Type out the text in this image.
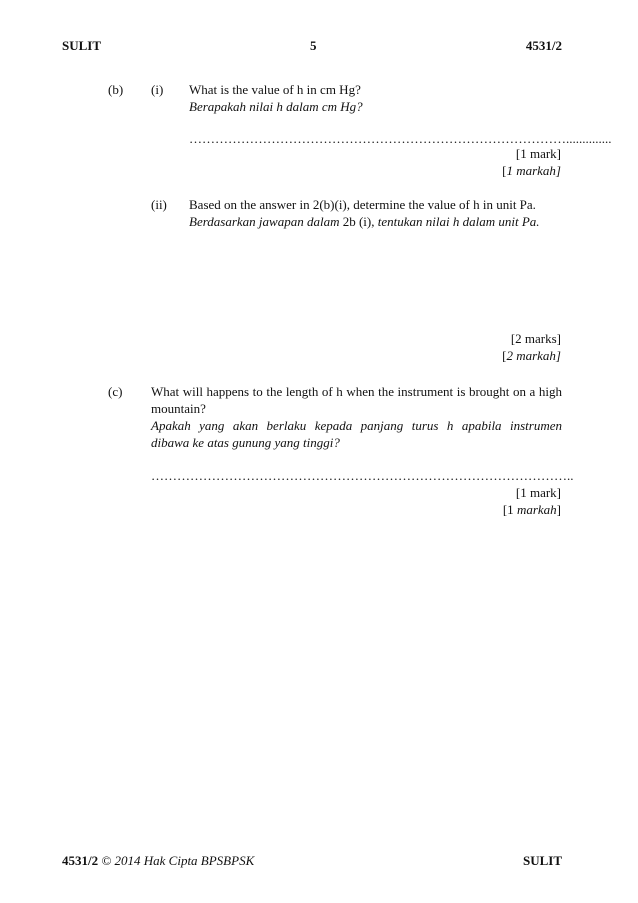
SULIT	5	4531/2
(b) (i) What is the value of h in cm Hg?
Berapakah nilai h dalam cm Hg?
……………………………………………………………………………..............
[1 mark]
[1 markah]
(ii) Based on the answer in 2(b)(i), determine the value of h in unit Pa.
Berdasarkan jawapan dalam 2b (i), tentukan nilai h dalam unit Pa.
[2 marks]
[2 markah]
(c) What will happens to the length of h when the instrument is brought on a high
mountain?
Apakah yang akan berlaku kepada panjang turus h apabila instrumen
dibawa ke atas gunung yang tinggi?
……………………………………………………………………………………..
[1 mark]
[1 markah]
4531/2 © 2014 Hak Cipta BPSBPSK	SULIT
